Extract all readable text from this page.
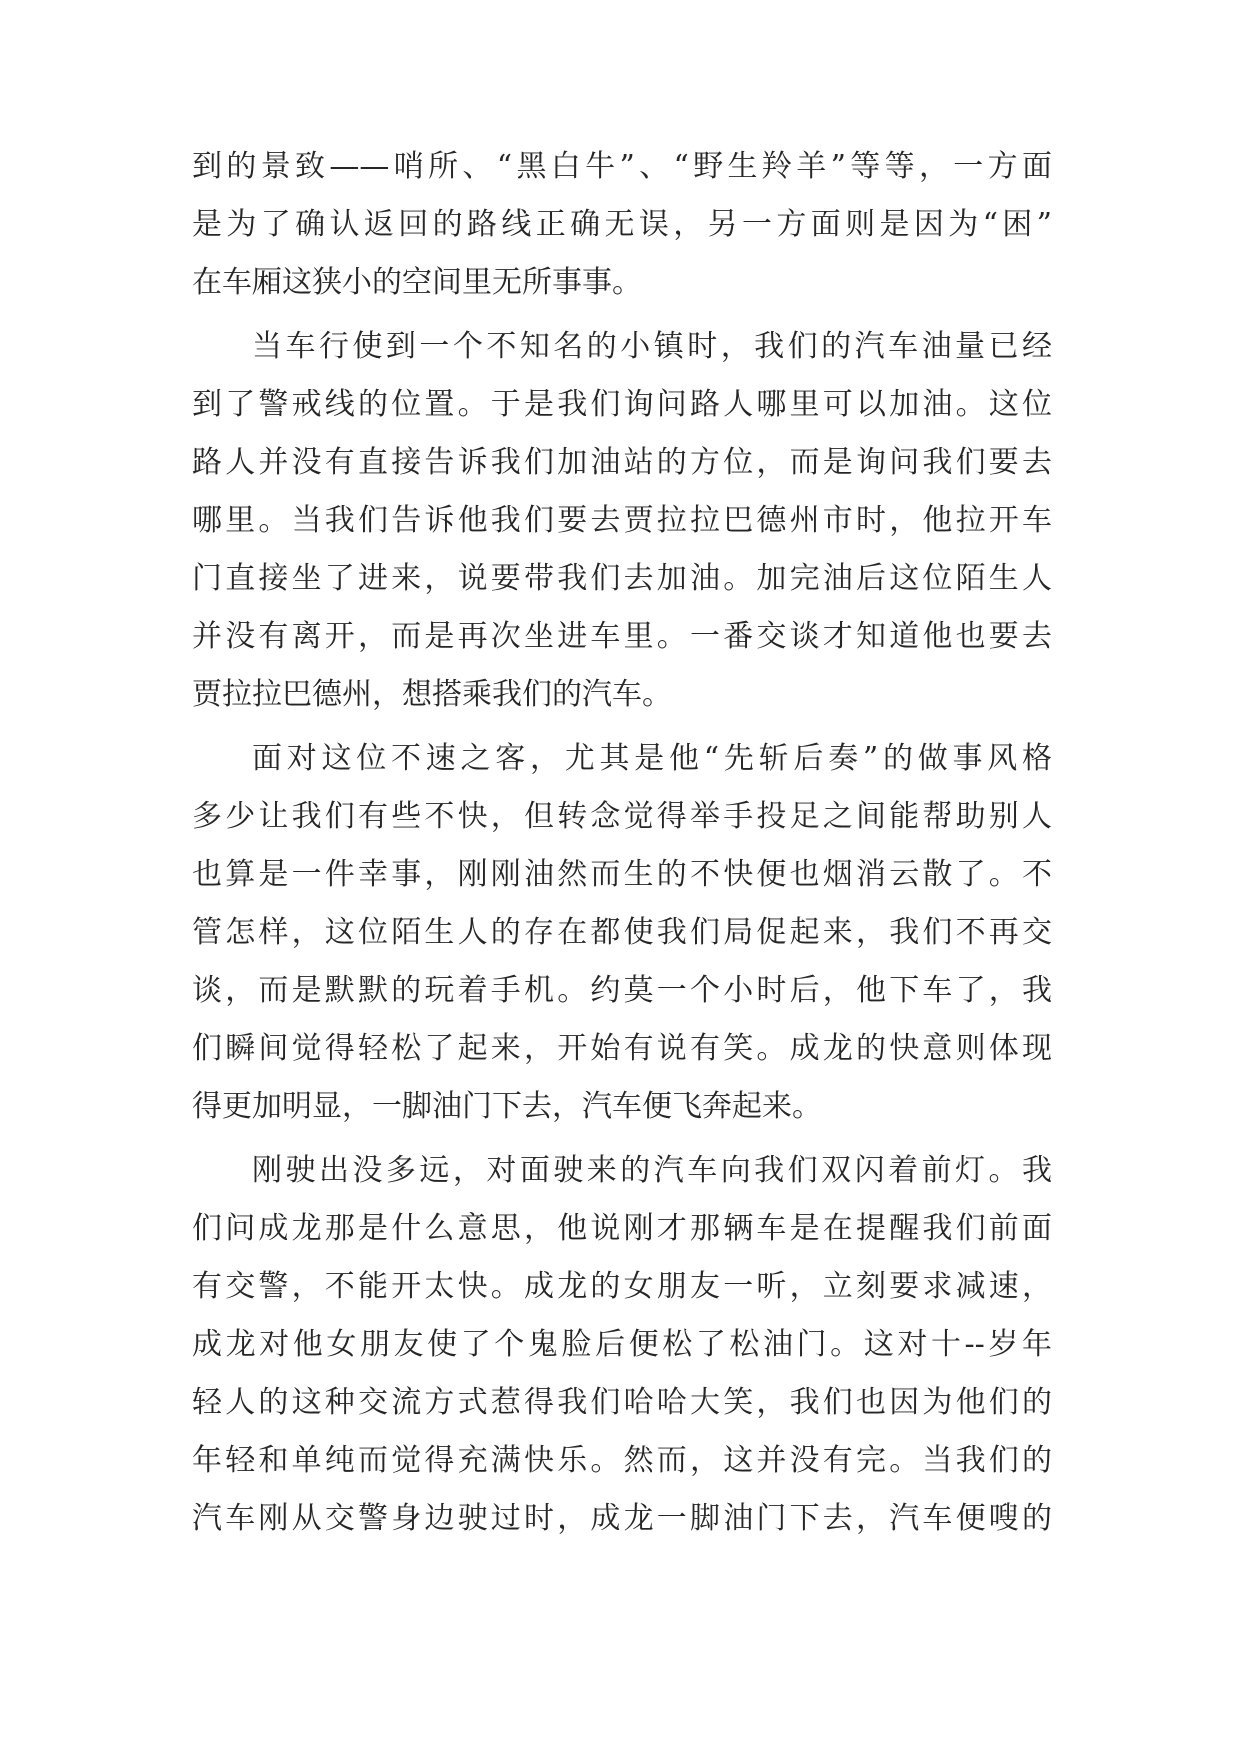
到的景致——哨所、“黑白牛”、“野生羚羊”等等，一方面
是为了确认返回的路线正确无误，另一方面则是因为“困”
在车厢这狭小的空间里无所事事。
当车行使到一个不知名的小镇时，我们的汽车油量已经
到了警戒线的位置。于是我们询问路人哪里可以加油。这位
路人并没有直接告诉我们加油站的方位，而是询问我们要去
哪里。当我们告诉他我们要去贾拉拉巴德州市时，他拉开车
门直接坐了进来，说要带我们去加油。加完油后这位陌生人
并没有离开，而是再次坐进车里。一番交谈才知道他也要去
贾拉拉巴德州，想搭乘我们的汽车。
面对这位不速之客，尤其是他“先斩后奏”的做事风格
多少让我们有些不快，但转念觉得举手投足之间能帮助别人
也算是一件幸事，刚刚油然而生的不快便也烟消云散了。不
管怎样，这位陌生人的存在都使我们局促起来，我们不再交
谈，而是默默的玩着手机。约莫一个小时后，他下车了，我
们瞬间觉得轻松了起来，开始有说有笑。成龙的快意则体现
得更加明显，一脚油门下去，汽车便飞奔起来。
刚驶出没多远，对面驶来的汽车向我们双闪着前灯。我
们问成龙那是什么意思，他说刚才那辆车是在提醒我们前面
有交警，不能开太快。成龙的女朋友一听，立刻要求减速，
成龙对他女朋友使了个鬼脸后便松了松油门。这对十--岁年
轻人的这种交流方式惹得我们哈哈大笑，我们也因为他们的
年轻和单纯而觉得充满快乐。然而，这并没有完。当我们的
汽车刚从交警身边驶过时，成龙一脚油门下去，汽车便嗖的
